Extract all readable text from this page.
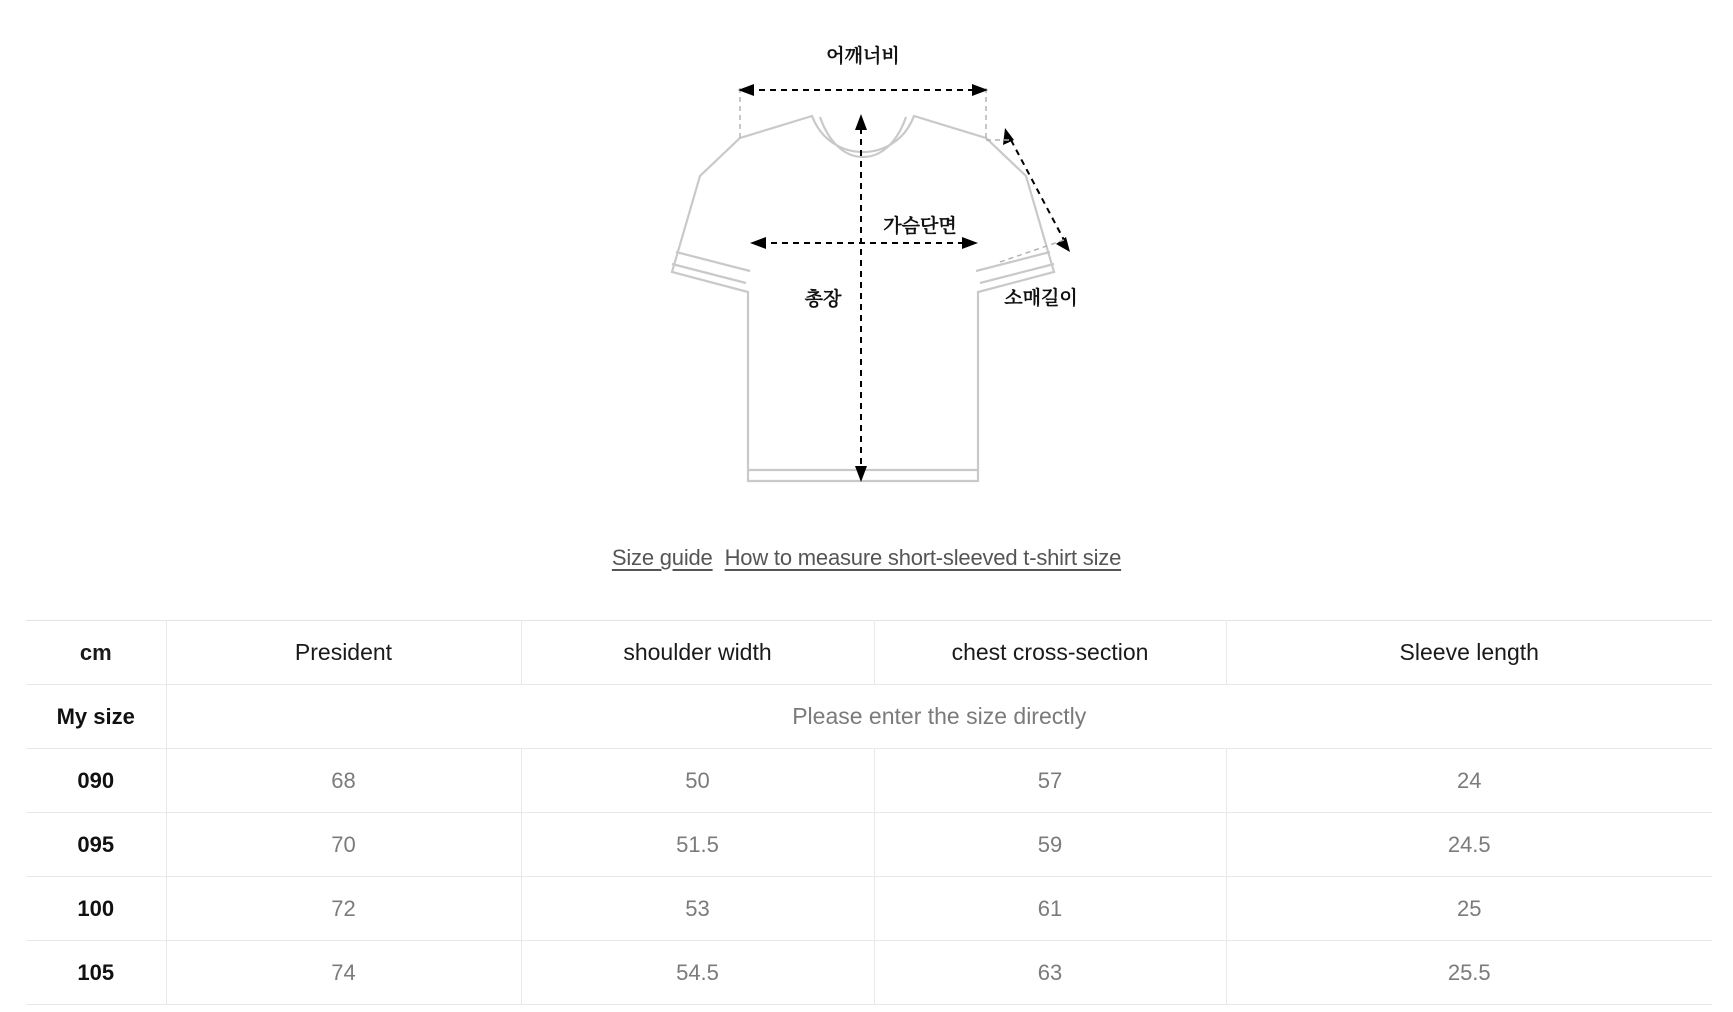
어깨너비
가슴단면
총장	소매길이
Size guide How to measure short-sleeved t-shirt size
cm	President	shoulder width	chest cross-section	Sleeve length
My size	Please enter the size directly			
090	68	50	57	24
095	70	51.5	59	24.5
100	72	53	61	25
105	74	54.5	63	25.5
